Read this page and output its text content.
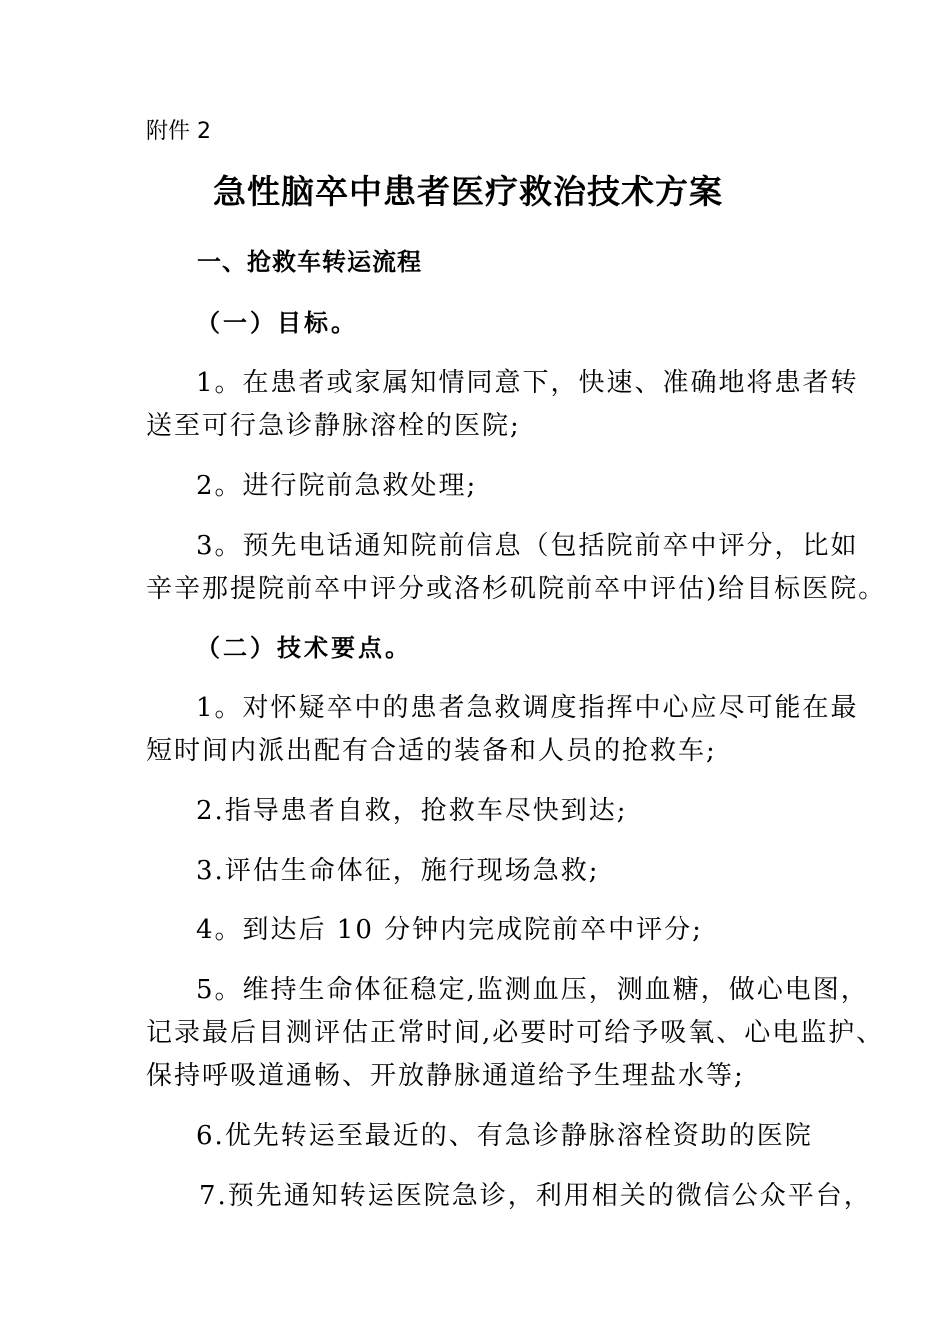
附件 2
急性脑卒中患者医疗救治技术方案
一、抢救车转运流程
（一）目标。
1。在患者或家属知情同意下，快速、准确地将患者转
送至可行急诊静脉溶栓的医院;
2。进行院前急救处理;
3。预先电话通知院前信息（包括院前卒中评分，比如
辛辛那提院前卒中评分或洛杉矶院前卒中评估)给目标医院。
（二）技术要点。
1。对怀疑卒中的患者急救调度指挥中心应尽可能在最
短时间内派出配有合适的装备和人员的抢救车;
2.指导患者自救，抢救车尽快到达;
3.评估生命体征，施行现场急救;
4。到达后 10 分钟内完成院前卒中评分;
5。维持生命体征稳定,监测血压，测血糖，做心电图，
记录最后目测评估正常时间,必要时可给予吸氧、心电监护、
保持呼吸道通畅、开放静脉通道给予生理盐水等;
6.优先转运至最近的、有急诊静脉溶栓资助的医院
7.预先通知转运医院急诊，利用相关的微信公众平台，
